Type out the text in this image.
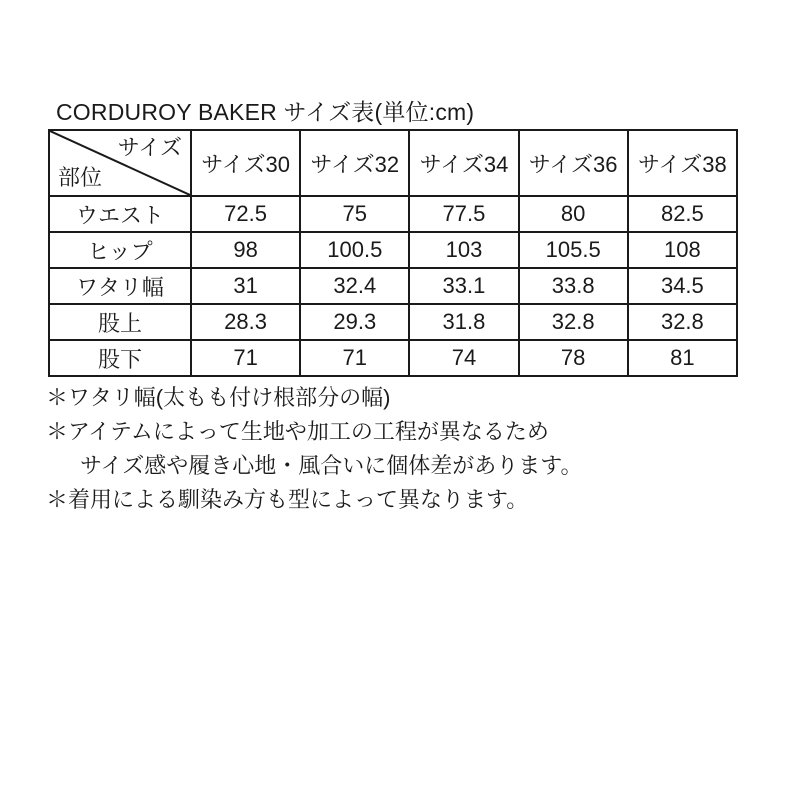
CORDUROY BAKER サイズ表(単位:cm)
サイズ
部位	サイズ30	サイズ32	サイズ34	サイズ36	サイズ38
ウエスト	72.5	75	77.5	80	82.5
ヒップ	98	100.5	103	105.5	108
ワタリ幅	31	32.4	33.1	33.8	34.5
股上	28.3	29.3	31.8	32.8	32.8
股下	71	71	74	78	81

＊ワタリ幅(太もも付け根部分の幅)

＊アイテムによって生地や加工の工程が異なるため

サイズ感や履き心地・風合いに個体差があります。

＊着用による馴染み方も型によって異なります。
